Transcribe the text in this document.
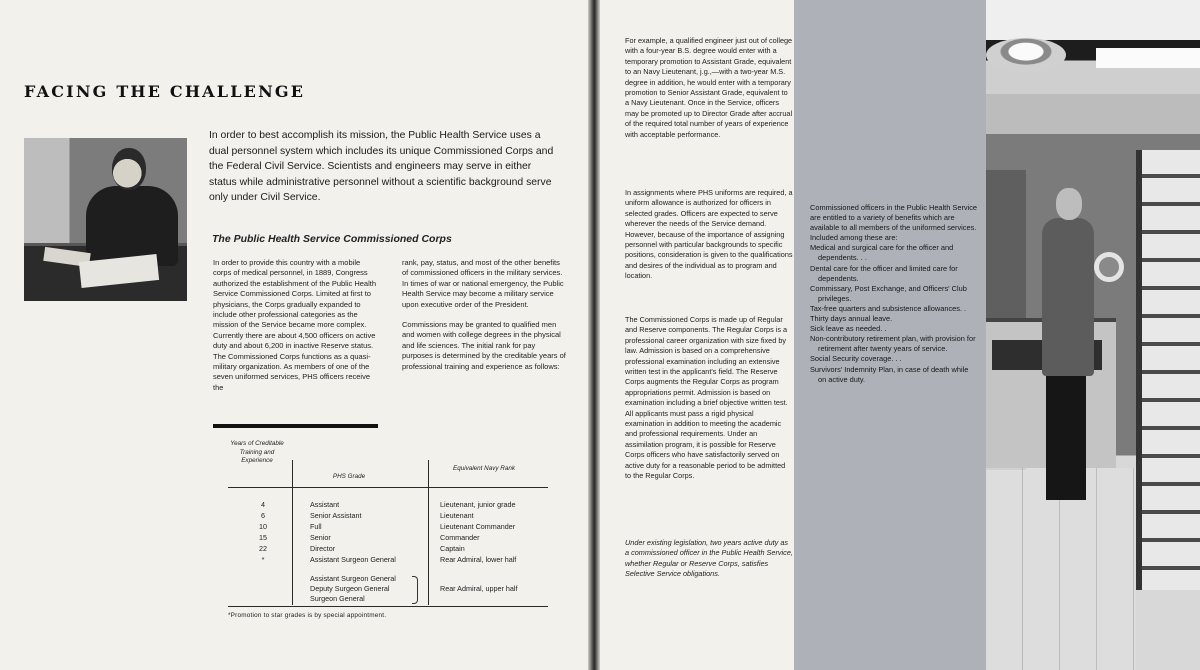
FACING THE CHALLENGE

In order to best accomplish its mission, the Public Health Service uses a dual personnel system which includes its unique Commissioned Corps and the Federal Civil Service. Scientists and engineers may serve in either status while administrative personnel without a scientific background serve only under Civil Service.

The Public Health Service Commissioned Corps

In order to provide this country with a mobile corps of medical personnel, in 1889, Congress authorized the establishment of the Public Health Service Commissioned Corps. Limited at first to physicians, the Corps gradually expanded to include other professional categories as the mission of the Service became more complex. Currently there are about 4,500 officers on active duty and about 6,200 in inactive Reserve status. The Commissioned Corps functions as a quasi-military organization. As members of one of the seven uniformed services, PHS officers receive the

rank, pay, status, and most of the other benefits of commissioned officers in the military services. In times of war or national emergency, the Public Health Service may become a military service upon executive order of the President.

Commissions may be granted to qualified men and women with college degrees in the physical and life sciences. The initial rank for pay purposes is determined by the creditable years of professional training and experience as follows:

Years of Creditable Training and Experience
PHS Grade
Equivalent Navy Rank
4	Assistant	Lieutenant, junior grade
6	Senior Assistant	Lieutenant
10	Full	Lieutenant Commander
15	Senior	Commander
22	Director	Captain
*	Assistant Surgeon General	Rear Admiral, lower half
Assistant Surgeon General
Deputy Surgeon General	Rear Admiral, upper half
Surgeon General

*Promotion to star grades is by special appointment.

For example, a qualified engineer just out of college with a four-year B.S. degree would enter with a temporary promotion to Assistant Grade, equivalent to an Navy Lieutenant, j.g.,—with a two-year M.S. degree in addition, he would enter with a temporary promotion to Senior Assistant Grade, equivalent to a Navy Lieutenant. Once in the Service, officers may be promoted up to Director Grade after accrual of the required total number of years of experience with acceptable performance.

In assignments where PHS uniforms are required, a uniform allowance is authorized for officers in selected grades. Officers are expected to serve wherever the needs of the Service demand. However, because of the importance of assigning personnel with particular backgrounds to specific positions, consideration is given to the qualifications and desires of the individual as to program and location.

The Commissioned Corps is made up of Regular and Reserve components. The Regular Corps is a professional career organization with size fixed by law. Admission is based on a comprehensive professional examination including an extensive written test in the applicant's field. The Reserve Corps augments the Regular Corps as program appropriations permit. Admission is based on examination including a brief objective written test. All applicants must pass a rigid physical examination in addition to meeting the academic and professional requirements. Under an assimilation program, it is possible for Reserve Corps officers who have satisfactorily served on active duty for a reasonable period to be admitted to the Regular Corps.

Under existing legislation, two years active duty as a commissioned officer in the Public Health Service, whether Regular or Reserve Corps, satisfies Selective Service obligations.

Commissioned officers in the Public Health Service are entitled to a variety of benefits which are available to all members of the uniformed services. Included among these are:

Medical and surgical care for the officer and dependents. . .
Dental care for the officer and limited care for dependents.
Commissary, Post Exchange, and Officers' Club privileges.
Tax-free quarters and subsistence allowances. .
Thirty days annual leave.
Sick leave as needed. .
Non-contributory retirement plan, with provision for retirement after twenty years of service.
Social Security coverage. . .
Survivors' Indemnity Plan, in case of death while on active duty.
